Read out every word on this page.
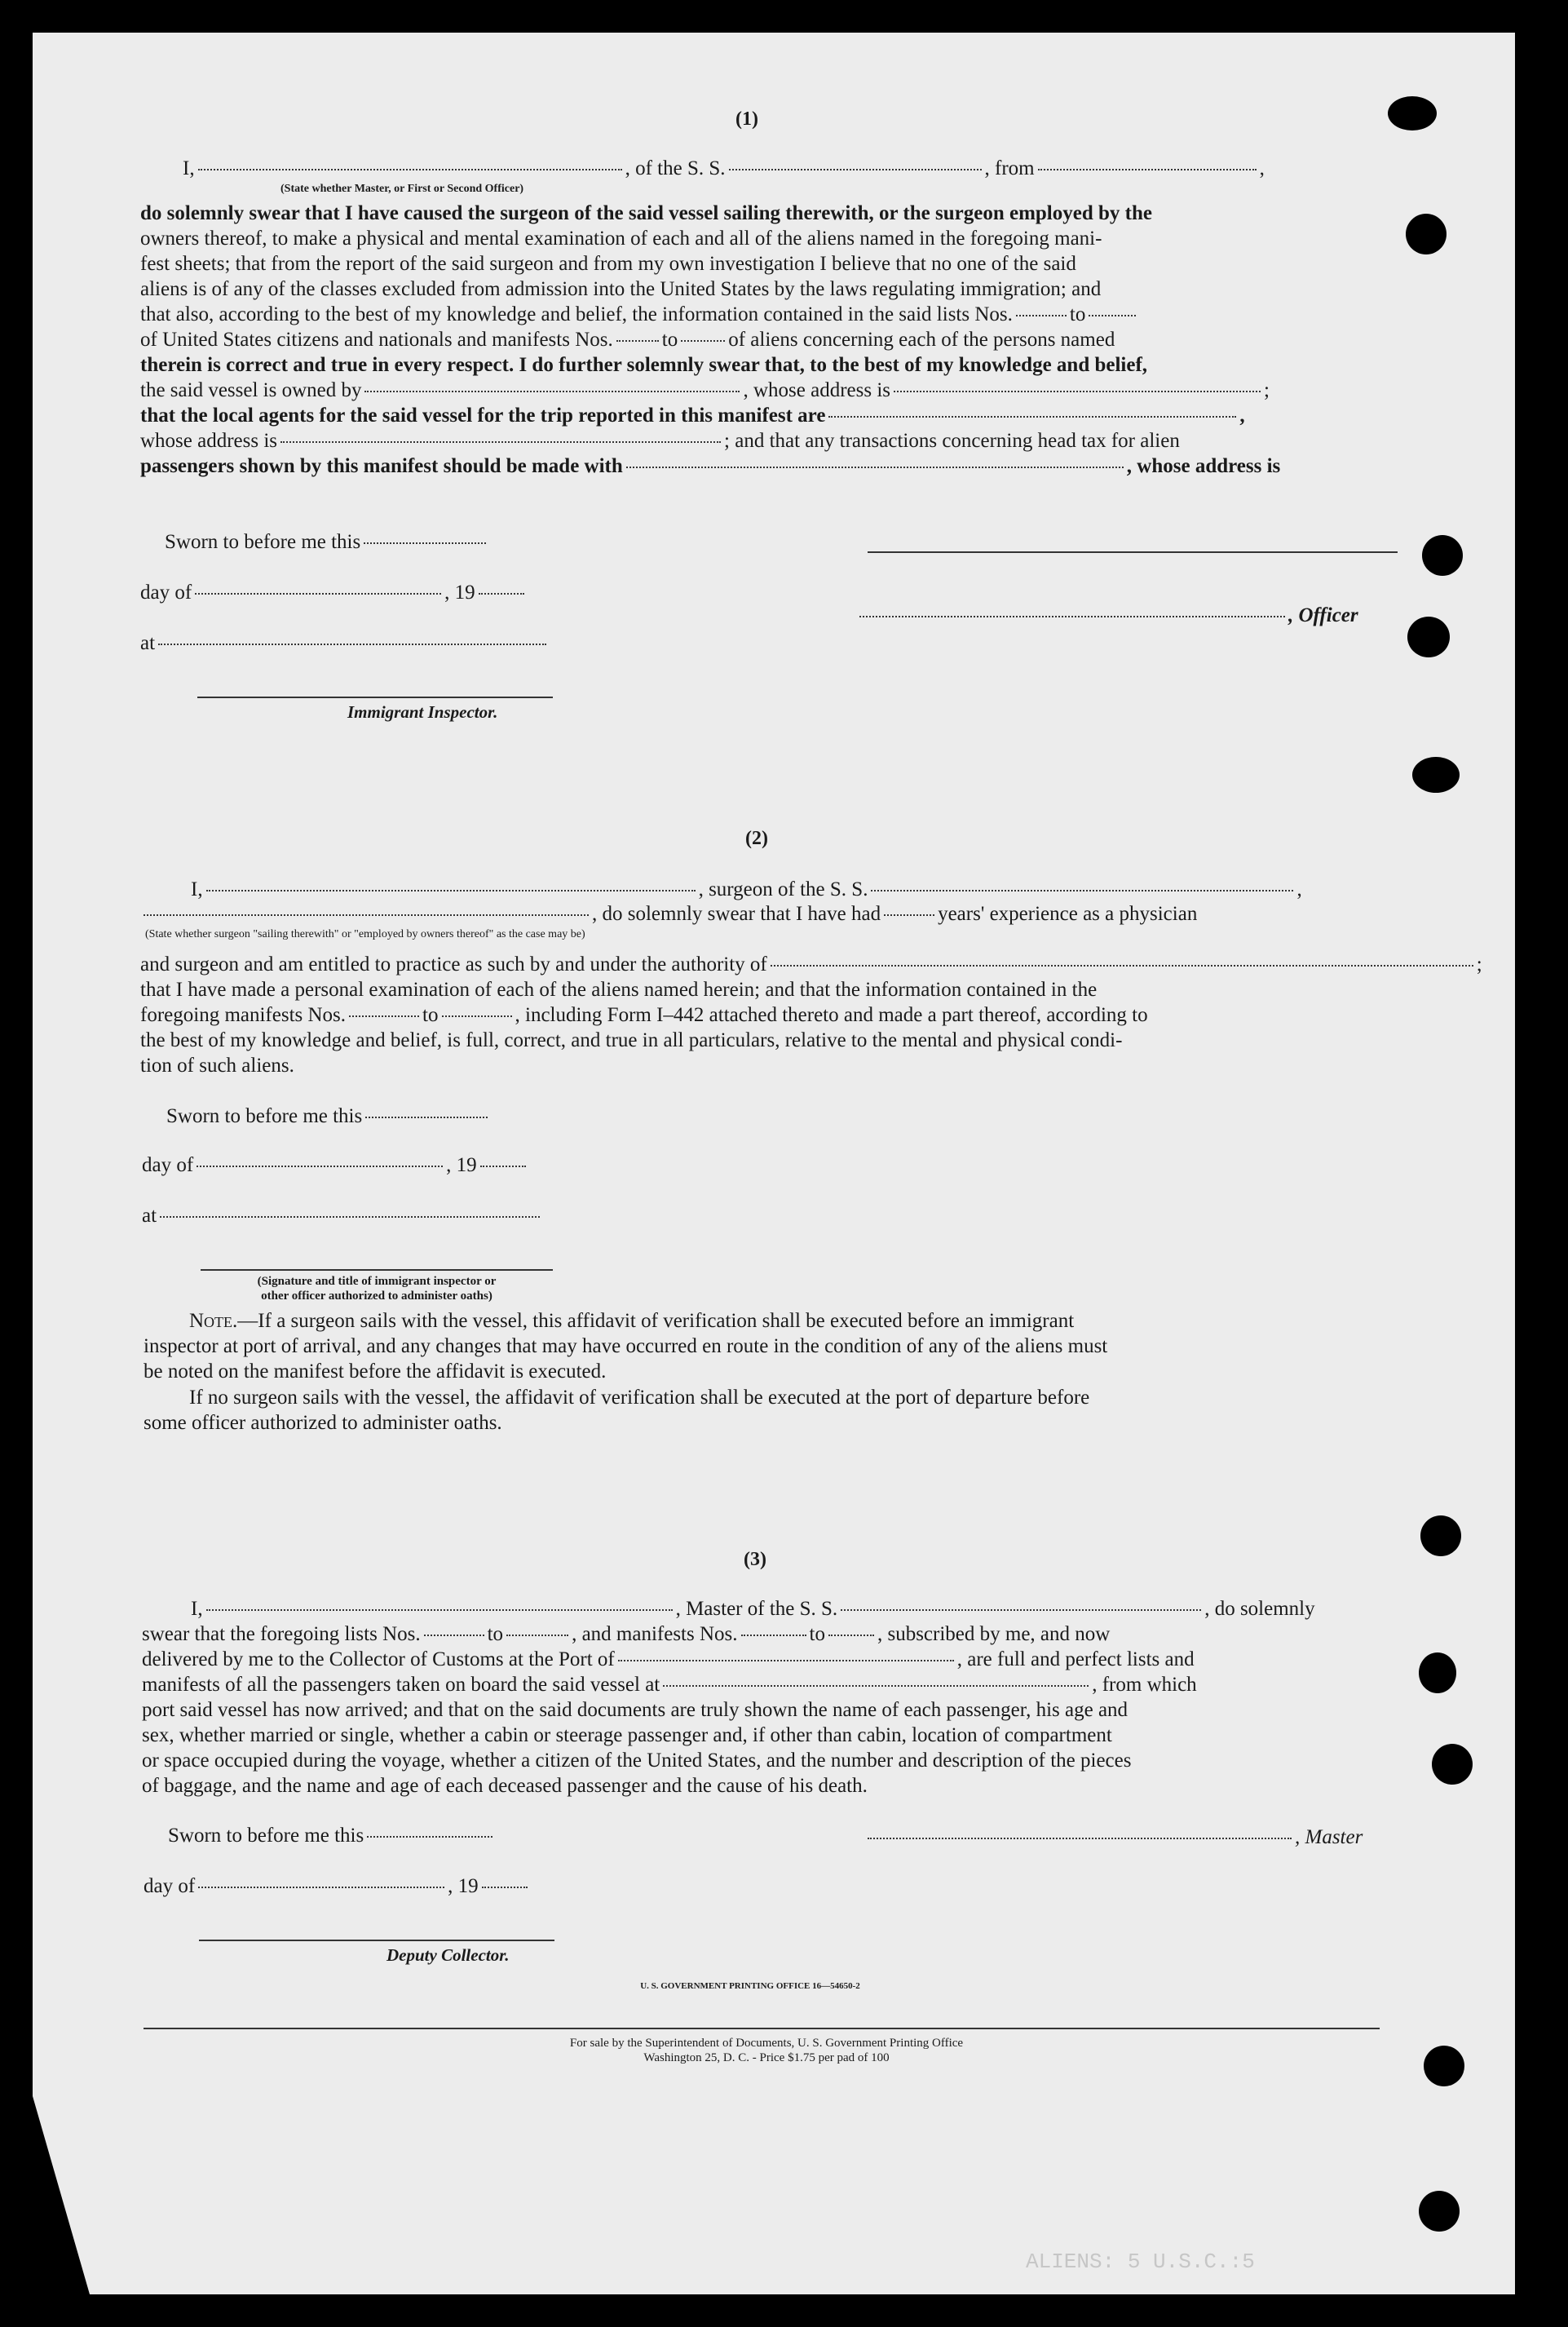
ALIENS: 5 U.S.C.:5
(1)
I,	, of the S. S.	, from	,
(State whether Master, or First or Second Officer)
do solemnly swear that I have caused the surgeon of the said vessel sailing therewith, or the surgeon employed by the
owners thereof, to make a physical and mental examination of each and all of the aliens named in the foregoing mani-
fest sheets; that from the report of the said surgeon and from my own investigation I believe that no one of the said
aliens is of any of the classes excluded from admission into the United States by the laws regulating immigration; and
that also, according to the best of my knowledge and belief, the information contained in the said lists Nos.	to
of United States citizens and nationals and manifests Nos. to of aliens concerning each of the persons named
therein is correct and true in every respect. I do further solemnly swear that, to the best of my knowledge and belief,
the said vessel is owned by	, whose address is	;
that the local agents for the said vessel for the trip reported in this manifest are	,
whose address is	; and that any transactions concerning head tax for alien
passengers shown by this manifest should be made with	, whose address is
Sworn to before me this
day of	, 19
, Officer
at
Immigrant Inspector.
(2)
I,	, surgeon of the S. S.	,
, do solemnly swear that I have had	years' experience as a physician
(State whether surgeon "sailing therewith" or "employed by owners thereof" as the case may be)
and surgeon and am entitled to practice as such by and under the authority of	;
that I have made a personal examination of each of the aliens named herein; and that the information contained in the
foregoing manifests Nos.	to	, including Form I–442 attached thereto and made a part thereof, according to
the best of my knowledge and belief, is full, correct, and true in all particulars, relative to the mental and physical condi-
tion of such aliens.
Sworn to before me this
day of	, 19
at
(Signature and title of immigrant inspector or
other officer authorized to administer oaths)
Note.—If a surgeon sails with the vessel, this affidavit of verification shall be executed before an immigrant
inspector at port of arrival, and any changes that may have occurred en route in the condition of any of the aliens must
be noted on the manifest before the affidavit is executed.
If no surgeon sails with the vessel, the affidavit of verification shall be executed at the port of departure before
some officer authorized to administer oaths.
(3)
I,	, Master of the S. S.	, do solemnly
swear that the foregoing lists Nos.	to	, and manifests Nos.	to	, subscribed by me, and now
delivered by me to the Collector of Customs at the Port of	, are full and perfect lists and
manifests of all the passengers taken on board the said vessel at	, from which
port said vessel has now arrived; and that on the said documents are truly shown the name of each passenger, his age and
sex, whether married or single, whether a cabin or steerage passenger and, if other than cabin, location of compartment
or space occupied during the voyage, whether a citizen of the United States, and the number and description of the pieces
of baggage, and the name and age of each deceased passenger and the cause of his death.
Sworn to before me this	, Master
day of	, 19
Deputy Collector.
U. S. GOVERNMENT PRINTING OFFICE 16—54650-2
For sale by the Superintendent of Documents, U. S. Government Printing Office
Washington 25, D. C. - Price $1.75 per pad of 100
